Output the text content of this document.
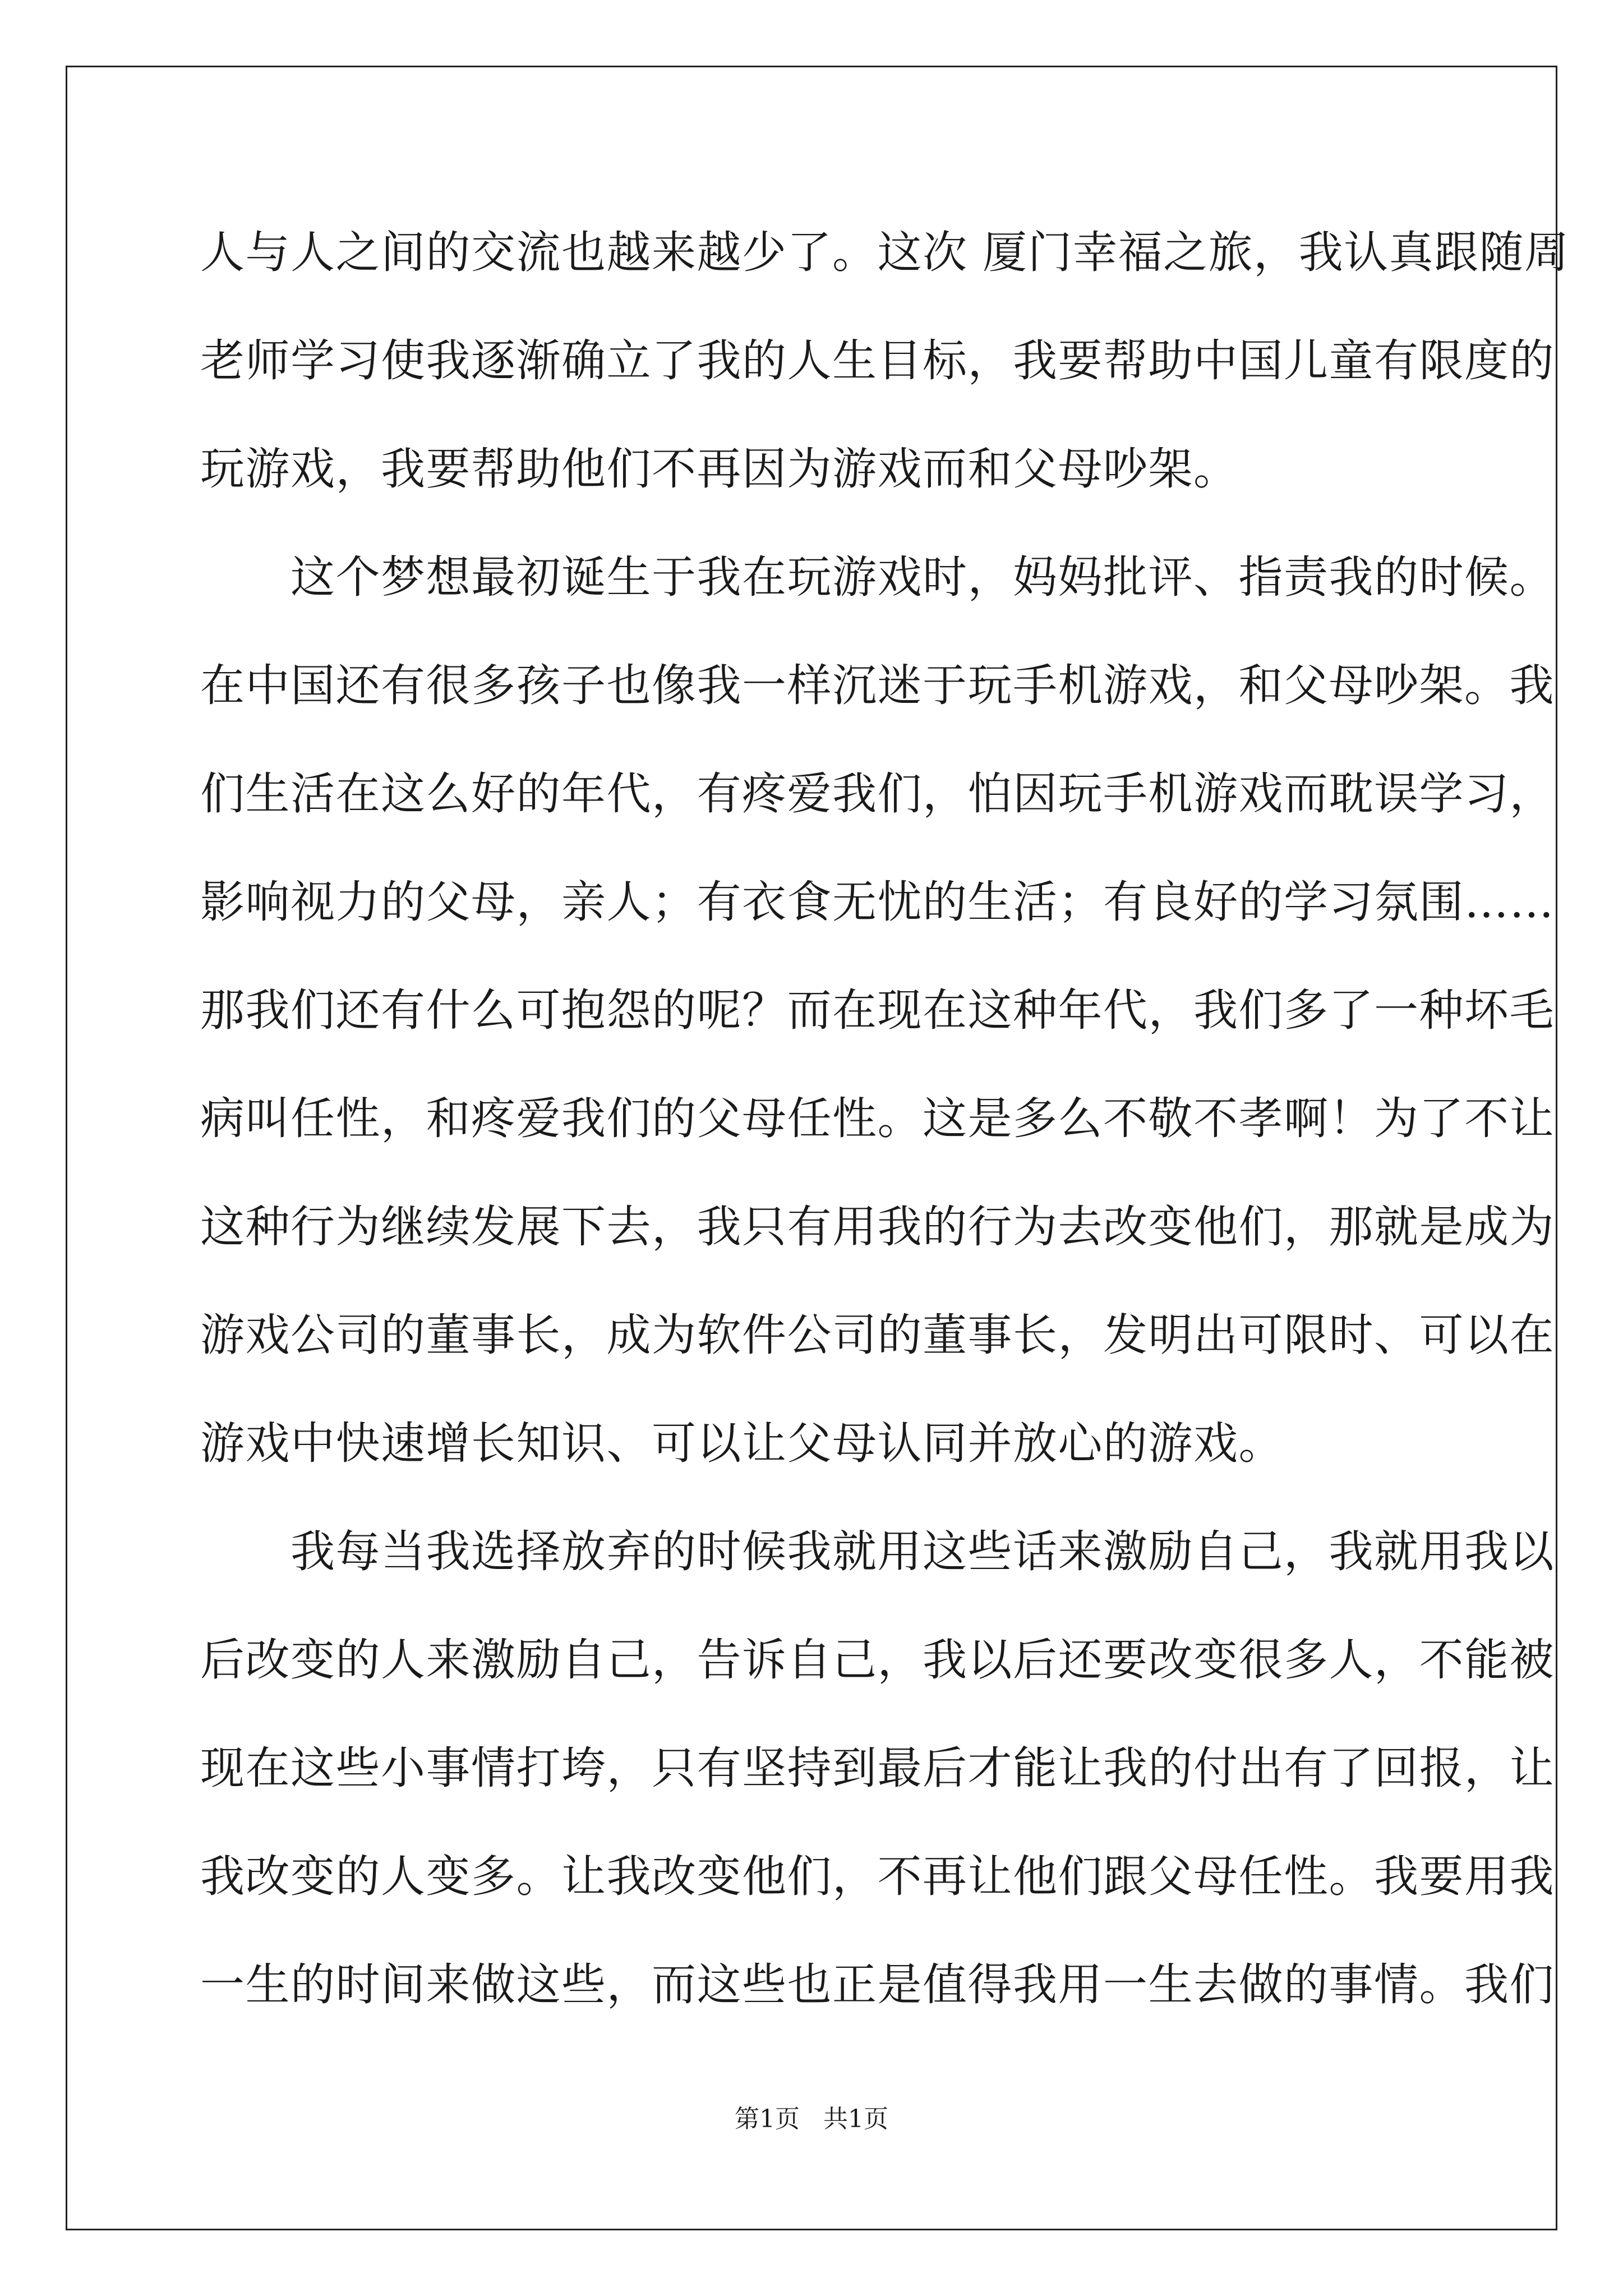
人与人之间的交流也越来越少了。这次 厦门幸福之旅，我认真跟随周
老师学习使我逐渐确立了我的人生目标，我要帮助中国儿童有限度的
玩游戏，我要帮助他们不再因为游戏而和父母吵架。
　　这个梦想最初诞生于我在玩游戏时，妈妈批评、指责我的时候。
在中国还有很多孩子也像我一样沉迷于玩手机游戏，和父母吵架。我
们生活在这么好的年代，有疼爱我们，怕因玩手机游戏而耽误学习，
影响视力的父母，亲人；有衣食无忧的生活；有良好的学习氛围……
那我们还有什么可抱怨的呢？而在现在这种年代，我们多了一种坏毛
病叫任性，和疼爱我们的父母任性。这是多么不敬不孝啊！为了不让
这种行为继续发展下去，我只有用我的行为去改变他们，那就是成为
游戏公司的董事长，成为软件公司的董事长，发明出可限时、可以在
游戏中快速增长知识、可以让父母认同并放心的游戏。
　　我每当我选择放弃的时候我就用这些话来激励自己，我就用我以
后改变的人来激励自己，告诉自己，我以后还要改变很多人，不能被
现在这些小事情打垮，只有坚持到最后才能让我的付出有了回报，让
我改变的人变多。让我改变他们，不再让他们跟父母任性。我要用我
一生的时间来做这些，而这些也正是值得我用一生去做的事情。我们
第1页   共1页
